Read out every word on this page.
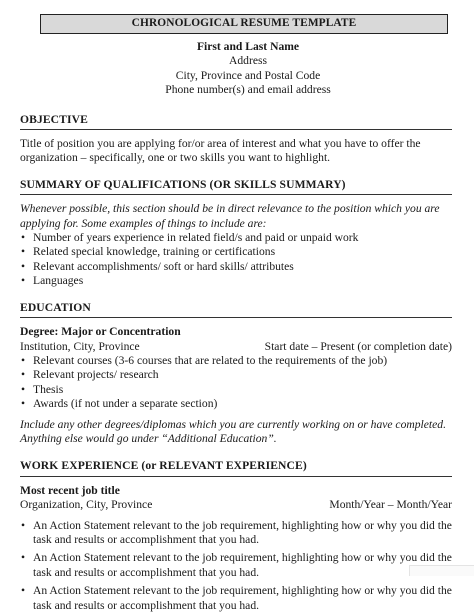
CHRONOLOGICAL RESUME TEMPLATE
First and Last Name
Address
City, Province and Postal Code
Phone number(s) and email address
OBJECTIVE

Title of position you are applying for/or area of interest and what you have to offer the

organization – specifically, one or two skills you want to highlight.

SUMMARY OF QUALIFICATIONS (OR SKILLS SUMMARY)

Whenever possible, this section should be in direct relevance to the position which you are

applying for. Some examples of things to include are:

• Number of years experience in related field/s and paid or unpaid work
• Related special knowledge, training or certifications
• Relevant accomplishments/ soft or hard skills/ attributes
• Languages
EDUCATION
Degree: Major or Concentration
Institution, City, Province	Start date – Present (or completion date)
• Relevant courses (3-6 courses that are related to the requirements of the job)
• Relevant projects/ research
• Thesis
• Awards (if not under a separate section)

Include any other degrees/diplomas which you are currently working on or have completed.

Anything else would go under “Additional Education”.

WORK EXPERIENCE (or RELEVANT EXPERIENCE)
Most recent job title
Organization, City, Province	Month/Year – Month/Year
• An Action Statement relevant to the job requirement, highlighting how or why you did the
task and results or accomplishment that you had.
• An Action Statement relevant to the job requirement, highlighting how or why you did the
task and results or accomplishment that you had.
• An Action Statement relevant to the job requirement, highlighting how or why you did the
task and results or accomplishment that you had.
